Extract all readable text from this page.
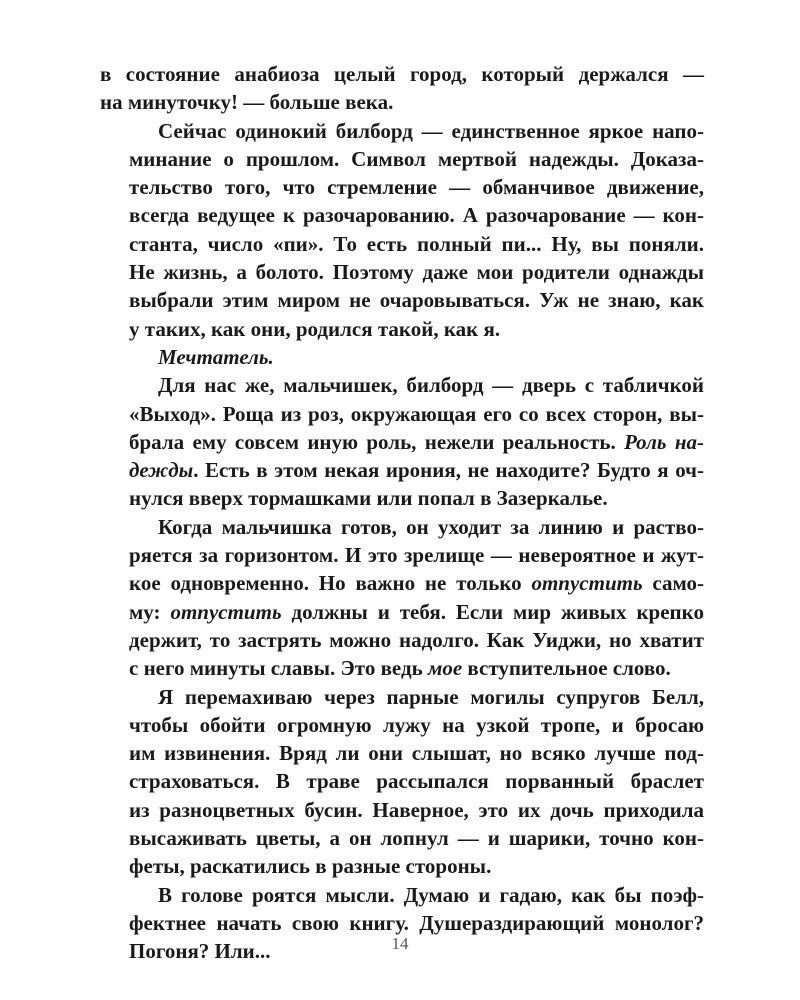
в состояние анабиоза целый город, который держался —
на минуточку! — больше века.

Сейчас одинокий билборд — единственное яркое напо-
минание о прошлом. Символ мертвой надежды. Доказа-
тельство того, что стремление — обманчивое движение,
всегда ведущее к разочарованию. А разочарование — кон-
станта, число «пи». То есть полный пи... Ну, вы поняли.
Не жизнь, а болото. Поэтому даже мои родители однажды
выбрали этим миром не очаровываться. Уж не знаю, как
у таких, как они, родился такой, как я.

Мечтатель.

Для нас же, мальчишек, билборд — дверь с табличкой
«Выход». Роща из роз, окружающая его со всех сторон, вы-
брала ему совсем иную роль, нежели реальность. Роль на-
дежды. Есть в этом некая ирония, не находите? Будто я оч-
нулся вверх тормашками или попал в Зазеркалье.

Когда мальчишка готов, он уходит за линию и раство-
ряется за горизонтом. И это зрелище — невероятное и жут-
кое одновременно. Но важно не только отпустить само-
му: отпустить должны и тебя. Если мир живых крепко
держит, то застрять можно надолго. Как Уиджи, но хватит
с него минуты славы. Это ведь мое вступительное слово.

Я перемахиваю через парные могилы супругов Белл,
чтобы обойти огромную лужу на узкой тропе, и бросаю
им извинения. Вряд ли они слышат, но всяко лучше под-
страховаться. В траве рассыпался порванный браслет
из разноцветных бусин. Наверное, это их дочь приходила
высаживать цветы, а он лопнул — и шарики, точно кон-
феты, раскатились в разные стороны.

В голове роятся мысли. Думаю и гадаю, как бы поэф-
фектнее начать свою книгу. Душераздирающий монолог?
Погоня? Или...	14
